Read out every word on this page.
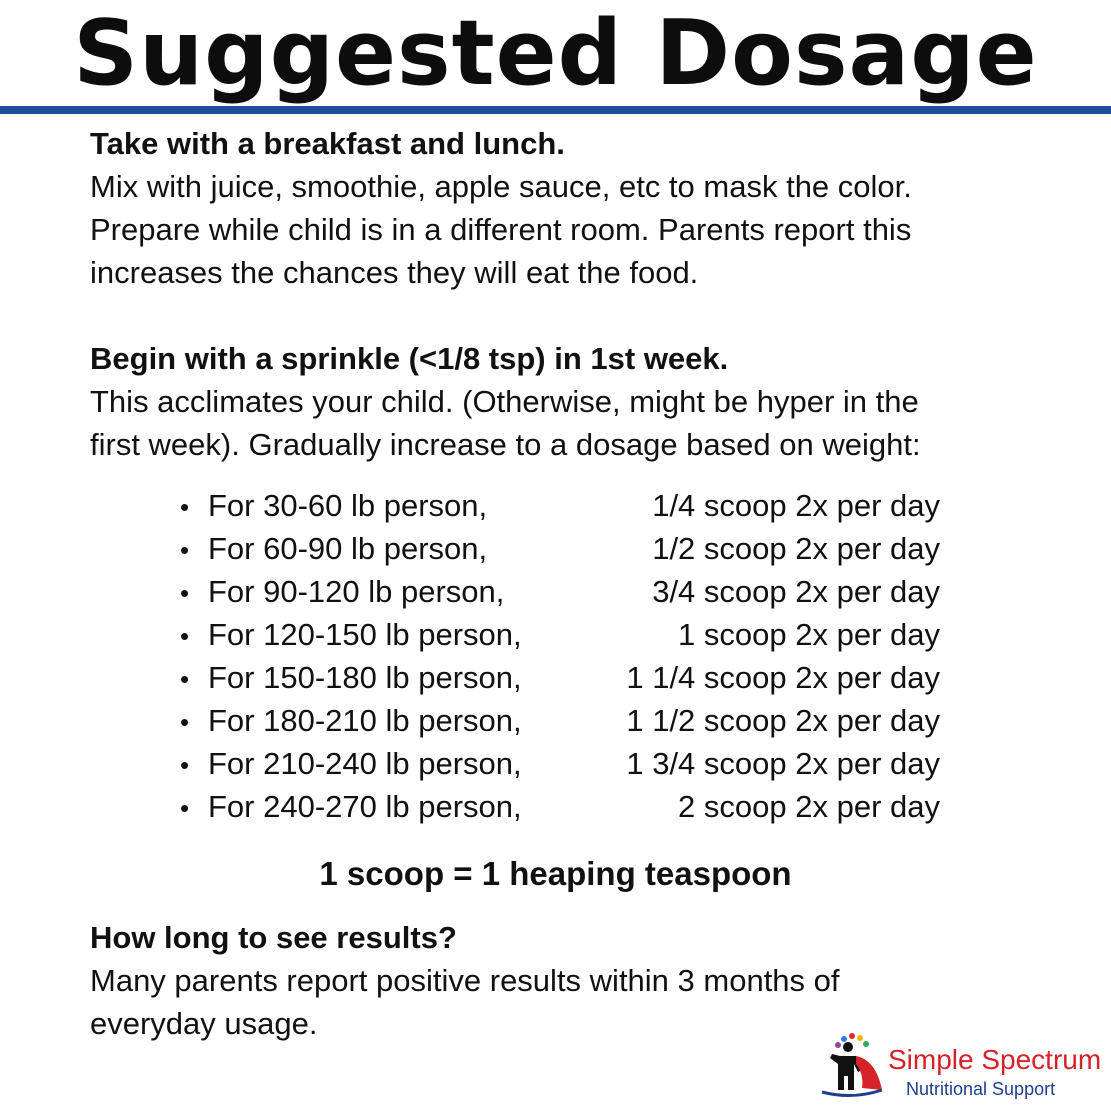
Suggested Dosage

Take with a breakfast and lunch.

Mix with juice, smoothie, apple sauce, etc to mask the color.

Prepare while child is in a different room. Parents report this

increases the chances they will eat the food.

Begin with a sprinkle (<1/8 tsp) in 1st week.

This acclimates your child. (Otherwise, might be hyper in the

first week). Gradually increase to a dosage based on weight:

• For 30-60 lb person,	1/4 scoop 2x per day
• For 60-90 lb person,	1/2 scoop 2x per day
• For 90-120 lb person,	3/4 scoop 2x per day
• For 120-150 lb person,	1 scoop 2x per day
• For 150-180 lb person,	1 1/4 scoop 2x per day
• For 180-210 lb person,	1 1/2 scoop 2x per day
• For 210-240 lb person,	1 3/4 scoop 2x per day
• For 240-270 lb person,	2 scoop 2x per day
1 scoop = 1 heaping teaspoon

How long to see results?

Many parents report positive results within 3 months of

everyday usage.

Simple Spectrum
Nutritional Support
